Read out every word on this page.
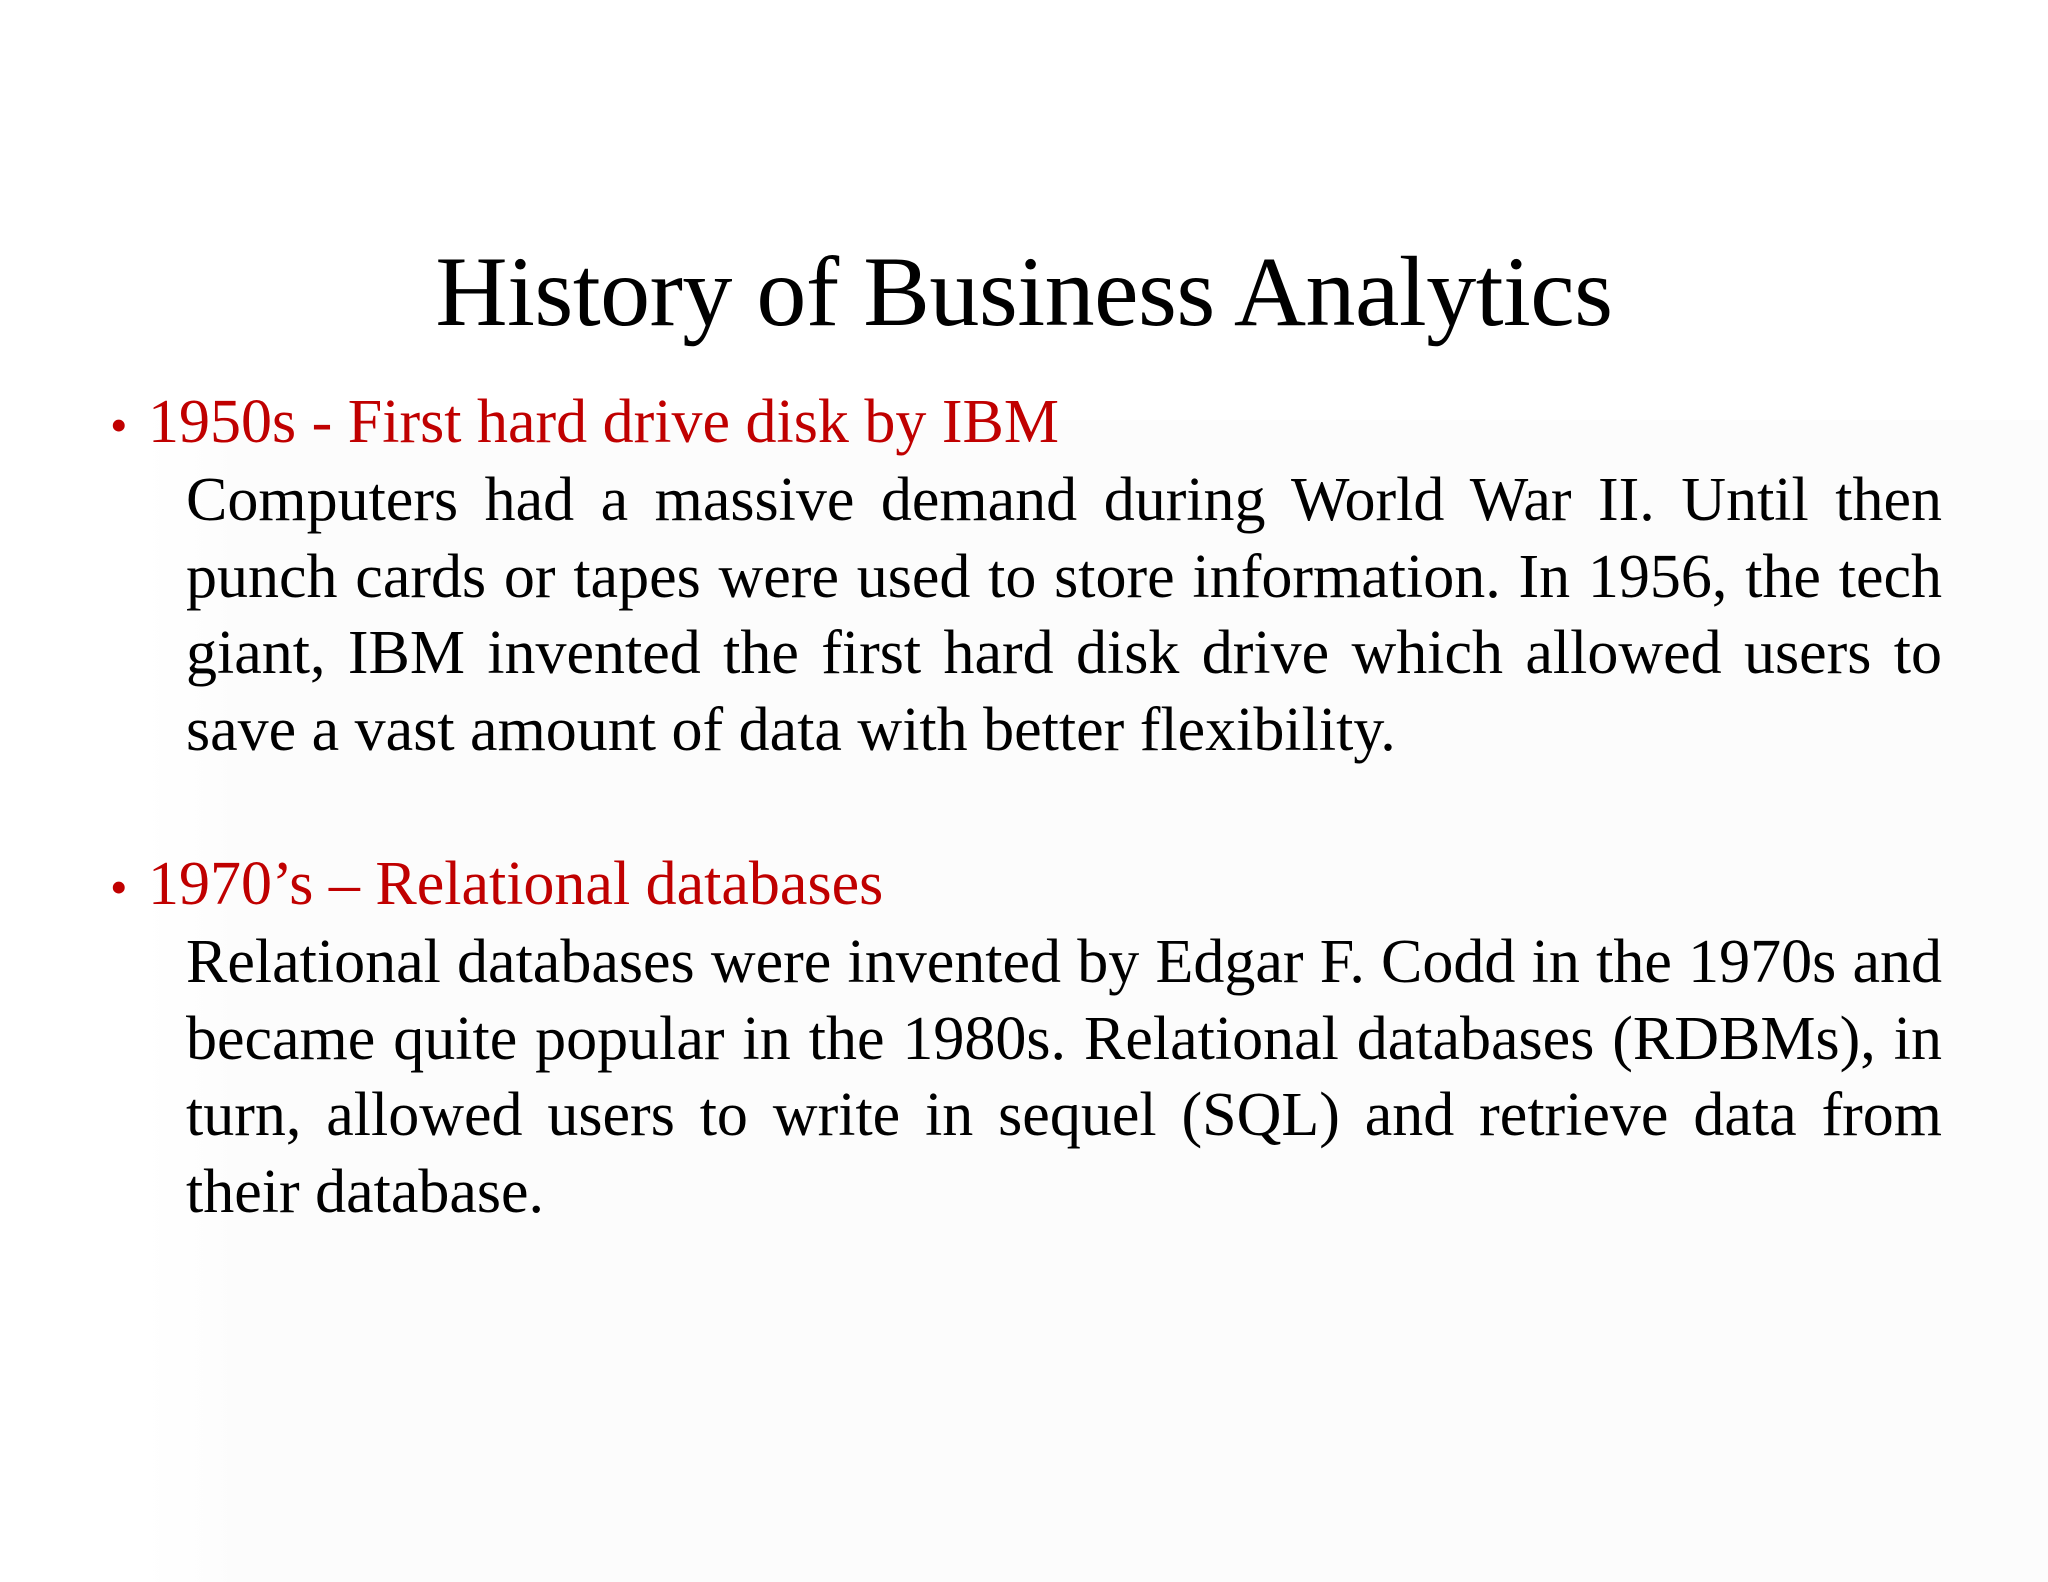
History of Business Analytics
• 1950s - First hard drive disk by IBM

Computers had a massive demand during World War II. Until then punch cards or tapes were used to store information. In 1956, the tech giant, IBM invented the first hard disk drive which allowed users to save a vast amount of data with better flexibility.

• 1970’s – Relational databases

Relational databases were invented by Edgar F. Codd in the 1970s and became quite popular in the 1980s. Relational databases (RDBMs), in turn, allowed users to write in sequel (SQL) and retrieve data from their database.
